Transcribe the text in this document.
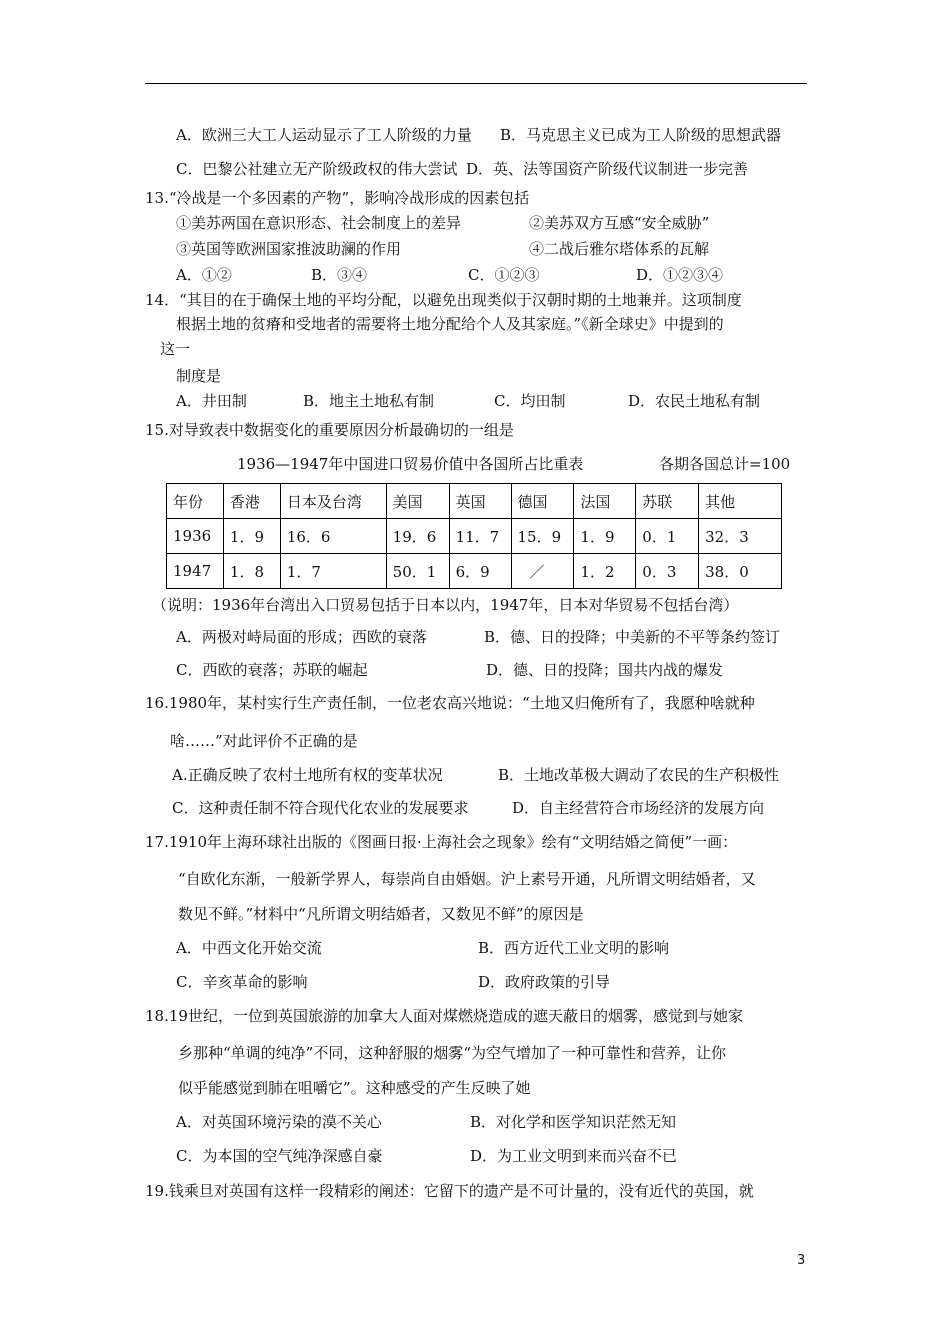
A．欧洲三大工人运动显示了工人阶级的力量 B．马克思主义已成为工人阶级的思想武器
C．巴黎公社建立无产阶级政权的伟大尝试 D．英、法等国资产阶级代议制进一步完善
13.“冷战是一个多因素的产物”，影响冷战形成的因素包括
①美苏两国在意识形态、社会制度上的差异	②美苏双方互感“安全威胁”
③英国等欧洲国家推波助澜的作用	④二战后雅尔塔体系的瓦解
A．①②	B．③④	C．①②③	D．①②③④
14．“其目的在于确保土地的平均分配，以避免出现类似于汉朝时期的土地兼并。这项制度
根据土地的贫瘠和受地者的需要将土地分配给个人及其家庭。”《新全球史》中提到的
这一
制度是
A．井田制	B．地主土地私有制	C．均田制	D．农民土地私有制
15.对导致表中数据变化的重要原因分析最确切的一组是
1936—1947年中国进口贸易价值中各国所占比重表	各期各国总计=100
年份	香港	日本及台湾	美国	英国	德国	法国	苏联	其他
1936	1．9	16．6	19．6	11．7	15．9	1．9	0．1	32．3
1947	1．8	1．7	50．1	6．9	／	1．2	0．3	38．0
（说明：1936年台湾出入口贸易包括于日本以内，1947年，日本对华贸易不包括台湾）
A．两极对峙局面的形成；西欧的衰落	B．德、日的投降；中美新的不平等条约签订
C．西欧的衰落；苏联的崛起	D．德、日的投降；国共内战的爆发
16.1980年，某村实行生产责任制，一位老农高兴地说：“土地又归俺所有了，我愿种啥就种
啥……”对此评价不正确的是
A.正确反映了农村土地所有权的变革状况	B．土地改革极大调动了农民的生产积极性
C．这种责任制不符合现代化农业的发展要求	D．自主经营符合市场经济的发展方向
17.1910年上海环球社出版的《图画日报·上海社会之现象》绘有“文明结婚之简便”一画：
“自欧化东渐，一般新学界人，每崇尚自由婚姻。沪上素号开通，凡所谓文明结婚者，又
数见不鲜。”材料中“凡所谓文明结婚者，又数见不鲜”的原因是
A．中西文化开始交流	B．西方近代工业文明的影响
C．辛亥革命的影响	D．政府政策的引导
18.19世纪，一位到英国旅游的加拿大人面对煤燃烧造成的遮天蔽日的烟雾，感觉到与她家
乡那种“单调的纯净”不同，这种舒服的烟雾“为空气增加了一种可靠性和营养，让你
似乎能感觉到肺在咀嚼它”。这种感受的产生反映了她
A．对英国环境污染的漠不关心	B．对化学和医学知识茫然无知
C．为本国的空气纯净深感自豪	D．为工业文明到来而兴奋不已
19.钱乘旦对英国有这样一段精彩的阐述：它留下的遗产是不可计量的，没有近代的英国，就
3
